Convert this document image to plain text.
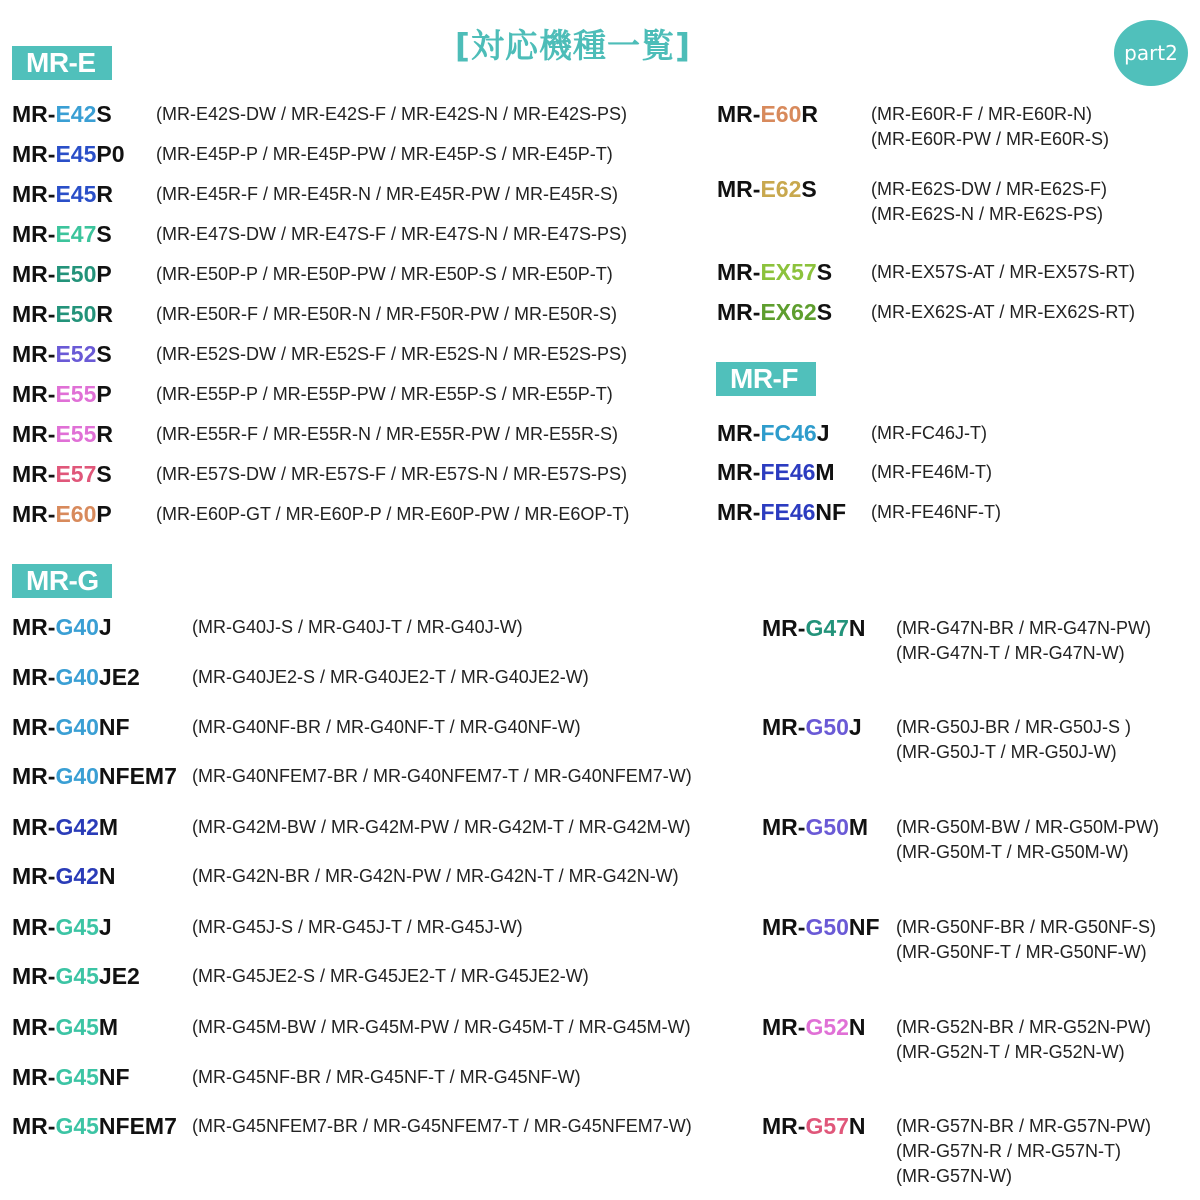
[対応機種一覧]	part2
MR-E
MR-F
MR-G
MR-E42S (MR-E42S-DW / MR-E42S-F / MR-E42S-N / MR-E42S-PS)
MR-E45P0 (MR-E45P-P / MR-E45P-PW / MR-E45P-S / MR-E45P-T)
MR-E45R (MR-E45R-F / MR-E45R-N / MR-E45R-PW / MR-E45R-S)
MR-E47S (MR-E47S-DW / MR-E47S-F / MR-E47S-N / MR-E47S-PS)
MR-E50P (MR-E50P-P / MR-E50P-PW / MR-E50P-S / MR-E50P-T)
MR-E50R (MR-E50R-F / MR-E50R-N / MR-F50R-PW / MR-E50R-S)
MR-E52S (MR-E52S-DW / MR-E52S-F / MR-E52S-N / MR-E52S-PS)
MR-E55P (MR-E55P-P / MR-E55P-PW / MR-E55P-S / MR-E55P-T)
MR-E55R (MR-E55R-F / MR-E55R-N / MR-E55R-PW / MR-E55R-S)
MR-E57S (MR-E57S-DW / MR-E57S-F / MR-E57S-N / MR-E57S-PS)
MR-E60P (MR-E60P-GT / MR-E60P-P / MR-E60P-PW / MR-E6OP-T)
MR-E60R	(MR-E60R-F / MR-E60R-N)
(MR-E60R-PW / MR-E60R-S)
MR-E62S	(MR-E62S-DW / MR-E62S-F)
(MR-E62S-N / MR-E62S-PS)
MR-EX57S (MR-EX57S-AT / MR-EX57S-RT)
MR-EX62S (MR-EX62S-AT / MR-EX62S-RT)
MR-FC46J (MR-FC46J-T)
MR-FE46M (MR-FE46M-T)
MR-FE46NF (MR-FE46NF-T)
MR-G40J	(MR-G40J-S / MR-G40J-T / MR-G40J-W)
MR-G40JE2	(MR-G40JE2-S / MR-G40JE2-T / MR-G40JE2-W)
MR-G40NF	(MR-G40NF-BR / MR-G40NF-T / MR-G40NF-W)
MR-G40NFEM7 (MR-G40NFEM7-BR / MR-G40NFEM7-T / MR-G40NFEM7-W)
MR-G42M	(MR-G42M-BW / MR-G42M-PW / MR-G42M-T / MR-G42M-W)
MR-G42N	(MR-G42N-BR / MR-G42N-PW / MR-G42N-T / MR-G42N-W)
MR-G45J	(MR-G45J-S / MR-G45J-T / MR-G45J-W)
MR-G45JE2	(MR-G45JE2-S / MR-G45JE2-T / MR-G45JE2-W)
MR-G45M	(MR-G45M-BW / MR-G45M-PW / MR-G45M-T / MR-G45M-W)
MR-G45NF	(MR-G45NF-BR / MR-G45NF-T / MR-G45NF-W)
MR-G45NFEM7 (MR-G45NFEM7-BR / MR-G45NFEM7-T / MR-G45NFEM7-W)
MR-G47N (MR-G47N-BR / MR-G47N-PW)
(MR-G47N-T / MR-G47N-W)
MR-G50J (MR-G50J-BR / MR-G50J-S )
(MR-G50J-T / MR-G50J-W)
MR-G50M (MR-G50M-BW / MR-G50M-PW)
(MR-G50M-T / MR-G50M-W)
MR-G50NF (MR-G50NF-BR / MR-G50NF-S)
(MR-G50NF-T / MR-G50NF-W)
MR-G52N (MR-G52N-BR / MR-G52N-PW)
(MR-G52N-T / MR-G52N-W)
MR-G57N (MR-G57N-BR / MR-G57N-PW)
(MR-G57N-R / MR-G57N-T)
(MR-G57N-W)
